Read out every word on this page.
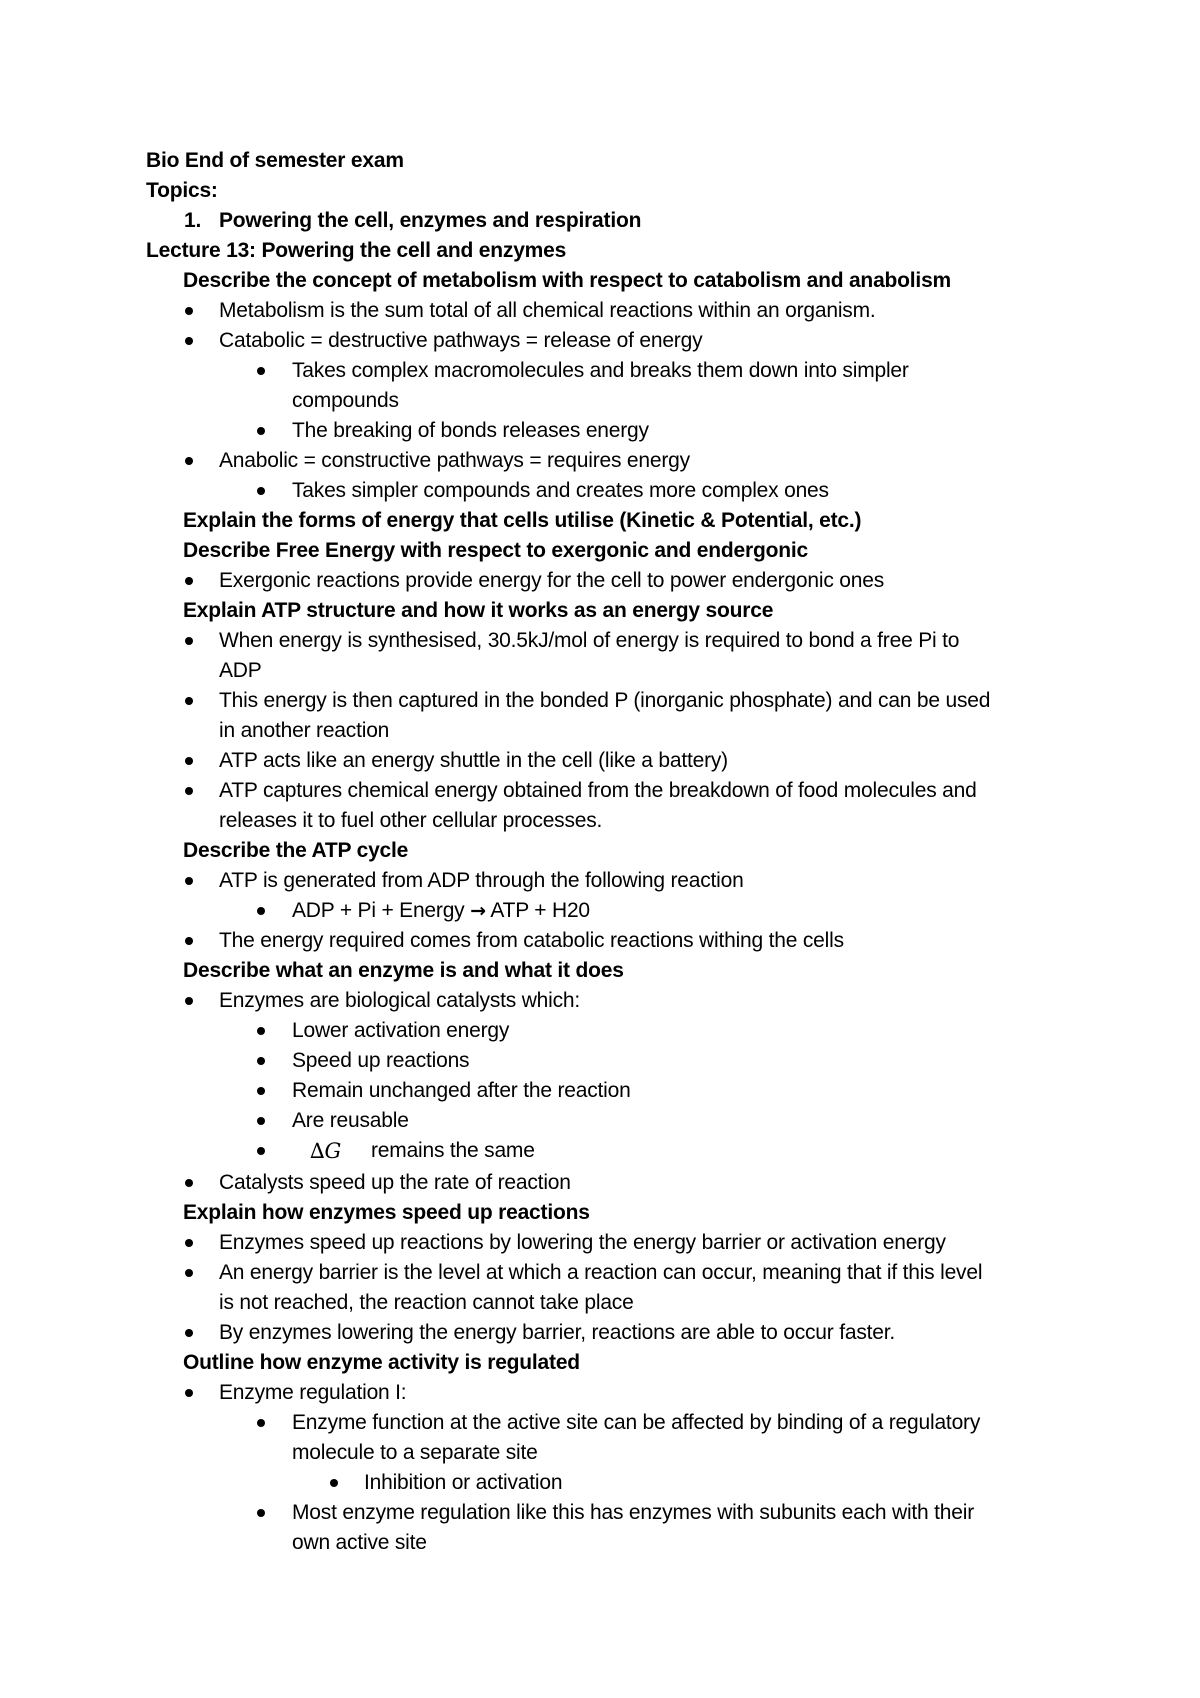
Bio End of semester exam
Topics:
1. Powering the cell, enzymes and respiration
Lecture 13: Powering the cell and enzymes
Describe the concept of metabolism with respect to catabolism and anabolism
Metabolism is the sum total of all chemical reactions within an organism.
Catabolic = destructive pathways = release of energy
Takes complex macromolecules and breaks them down into simpler
compounds
The breaking of bonds releases energy
Anabolic = constructive pathways = requires energy
Takes simpler compounds and creates more complex ones
Explain the forms of energy that cells utilise (Kinetic & Potential, etc.)
Describe Free Energy with respect to exergonic and endergonic
Exergonic reactions provide energy for the cell to power endergonic ones
Explain ATP structure and how it works as an energy source
When energy is synthesised, 30.5kJ/mol of energy is required to bond a free Pi to
ADP
This energy is then captured in the bonded P (inorganic phosphate) and can be used
in another reaction
ATP acts like an energy shuttle in the cell (like a battery)
ATP captures chemical energy obtained from the breakdown of food molecules and
releases it to fuel other cellular processes.
Describe the ATP cycle
ATP is generated from ADP through the following reaction
ADP + Pi + Energy → ATP + H20
The energy required comes from catabolic reactions withing the cells
Describe what an enzyme is and what it does
Enzymes are biological catalysts which:
Lower activation energy
Speed up reactions
Remain unchanged after the reaction
Are reusable
∆G remains the same
Catalysts speed up the rate of reaction
Explain how enzymes speed up reactions
Enzymes speed up reactions by lowering the energy barrier or activation energy
An energy barrier is the level at which a reaction can occur, meaning that if this level
is not reached, the reaction cannot take place
By enzymes lowering the energy barrier, reactions are able to occur faster.
Outline how enzyme activity is regulated
Enzyme regulation I:
Enzyme function at the active site can be affected by binding of a regulatory
molecule to a separate site
Inhibition or activation
Most enzyme regulation like this has enzymes with subunits each with their
own active site
